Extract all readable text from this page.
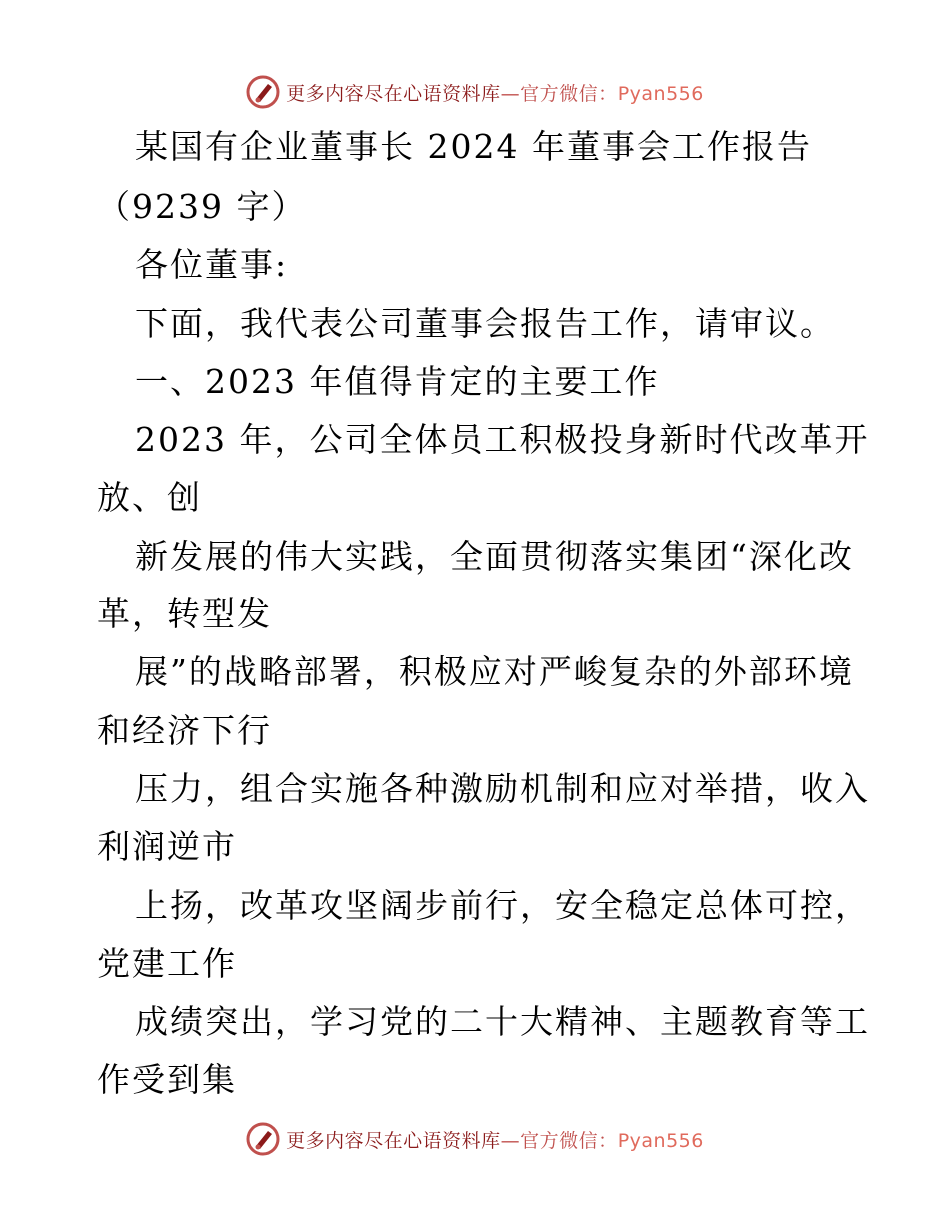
更多内容尽在心语资料库—官方微信：Pyan556
某国有企业董事长 2024 年董事会工作报告
（9239 字）
各位董事:
下面，我代表公司董事会报告工作，请审议。
一、2023 年值得肯定的主要工作
2023 年，公司全体员工积极投身新时代改革开
放、创
新发展的伟大实践，全面贯彻落实集团“深化改
革，转型发
展”的战略部署，积极应对严峻复杂的外部环境
和经济下行
压力，组合实施各种激励机制和应对举措，收入
利润逆市
上扬，改革攻坚阔步前行，安全稳定总体可控，
党建工作
成绩突出，学习党的二十大精神、主题教育等工
作受到集
更多内容尽在心语资料库—官方微信：Pyan556
